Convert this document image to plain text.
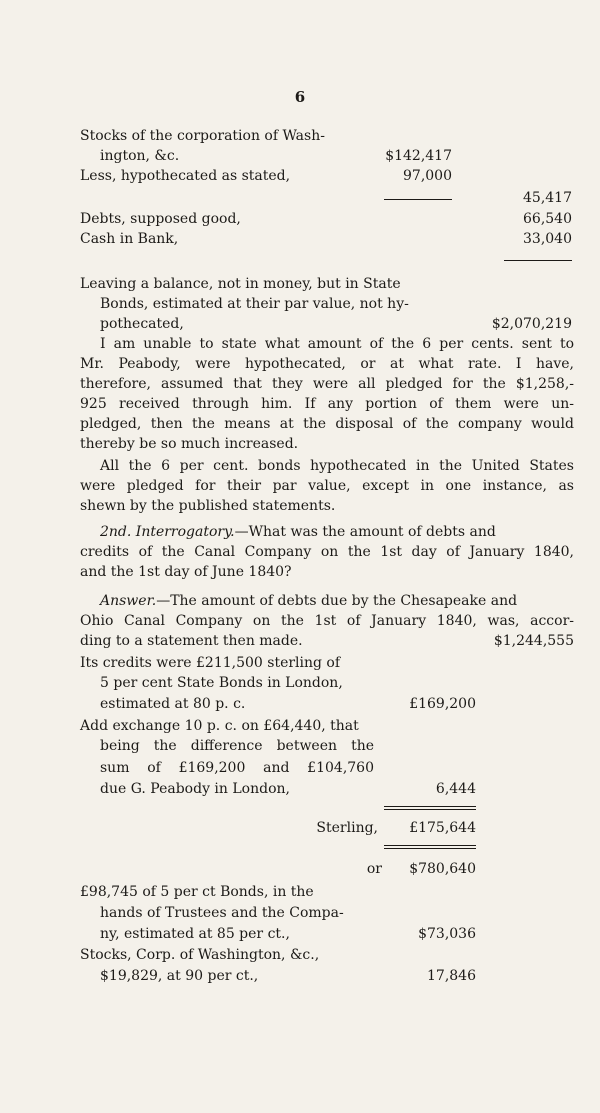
6
Stocks of the corporation of Wash-
ington, &c.	$142,417
Less, hypothecated as stated,	97,000
45,417
Debts, supposed good,	66,540
Cash in Bank,	33,040
Leaving a balance, not in money, but in State
Bonds, estimated at their par value, not hy-
pothecated,	$2,070,219
I am unable to state what amount of the 6 per cents. sent to
Mr. Peabody, were hypothecated, or at what rate. I have,
therefore, assumed that they were all pledged for the $1,258,-
925 received through him. If any portion of them were un-
pledged, then the means at the disposal of the company would
thereby be so much increased.
All the 6 per cent. bonds hypothecated in the United States
were pledged for their par value, except in one instance, as
shewn by the published statements.
2nd. Interrogatory.—What was the amount of debts and
credits of the Canal Company on the 1st day of January 1840,
and the 1st day of June 1840?
Answer.—The amount of debts due by the Chesapeake and
Ohio Canal Company on the 1st of January 1840, was, accor-
ding to a statement then made.	$1,244,555
Its credits were £211,500 sterling of
5 per cent State Bonds in London,
estimated at 80 p. c.	£169,200
Add exchange 10 p. c. on £64,440, that
being the difference between the
sum of £169,200 and £104,760
due G. Peabody in London,	6,444
Sterling, £175,644
or $780,640
£98,745 of 5 per ct Bonds, in the
hands of Trustees and the Compa-
ny, estimated at 85 per ct.,	$73,036
Stocks, Corp. of Washington, &c.,
$19,829, at 90 per ct.,	17,846
